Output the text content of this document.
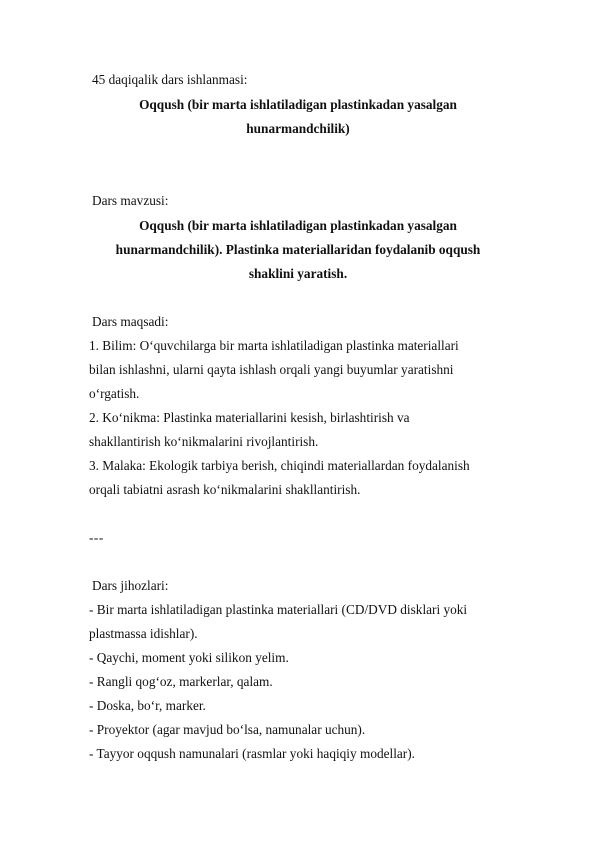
45 daqiqalik dars ishlanmasi:
Oqqush (bir marta ishlatiladigan plastinkadan yasalgan
hunarmandchilik)
Dars mavzusi:
Oqqush (bir marta ishlatiladigan plastinkadan yasalgan
hunarmandchilik). Plastinka materiallaridan foydalanib oqqush
shaklini yaratish.
Dars maqsadi:
1. Bilim: O‘quvchilarga bir marta ishlatiladigan plastinka materiallari
bilan ishlashni, ularni qayta ishlash orqali yangi buyumlar yaratishni
o‘rgatish.
2. Ko‘nikma: Plastinka materiallarini kesish, birlashtirish va
shakllantirish ko‘nikmalarini rivojlantirish.
3. Malaka: Ekologik tarbiya berish, chiqindi materiallardan foydalanish
orqali tabiatni asrash ko‘nikmalarini shakllantirish.
---
Dars jihozlari:
- Bir marta ishlatiladigan plastinka materiallari (CD/DVD disklari yoki
plastmassa idishlar).
- Qaychi, moment yoki silikon yelim.
- Rangli qog‘oz, markerlar, qalam.
- Doska, bo‘r, marker.
- Proyektor (agar mavjud bo‘lsa, namunalar uchun).
- Tayyor oqqush namunalari (rasmlar yoki haqiqiy modellar).
